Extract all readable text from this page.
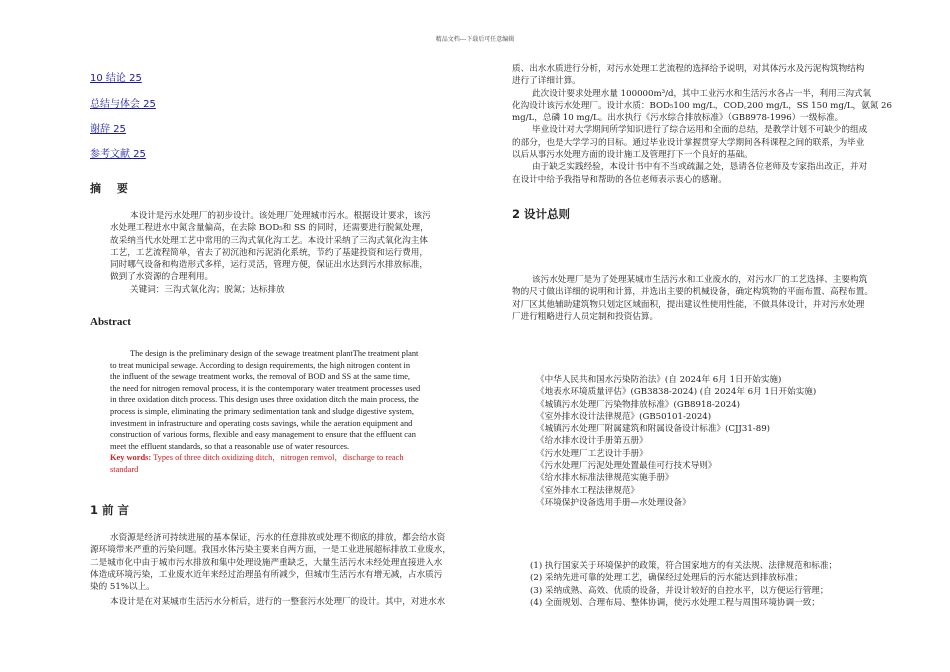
精品文档---下载后可任意编辑
10 结论 25
总结与体会 25
谢辞 25
参考文献 25
摘 要
本设计是污水处理厂的初步设计。该处理厂处理城市污水。根据设计要求，该污
水处理工程进水中氮含量偏高，在去除 BOD₅和 SS 的同时，还需要进行脱氮处理，
故采纳当代水处理工艺中常用的三沟式氧化沟工艺。本设计采纳了三沟式氧化沟主体
工艺，工艺流程简单，省去了初沉池和污泥消化系统，节约了基建投资和运行费用，
同时哪气设备和构造形式多样，运行灵活，管理方便，保证出水达到污水排放标准，
做到了水资源的合理利用。
关键词：三沟式氧化沟；脱氮；达标排放
Abstract
The design is the preliminary design of the sewage treatment plantThe treatment plant
to treat municipal sewage. According to design requirements, the high nitrogen content in
the influent of the sewage treatment works, the removal of BOD and SS at the same time,
the need for nitrogen removal process, it is the contemporary water treatment processes used
in three oxidation ditch process. This design uses three oxidation ditch the main process, the
process is simple, eliminating the primary sedimentation tank and sludge digestive system,
investment in infrastructure and operating costs savings, while the aeration equipment and
construction of various forms, flexible and easy management to ensure that the effluent can
meet the effluent standards, so that a reasonable use of water resources.
Key words: Types of three ditch oxidizing ditch，nitrogen remvol，discharge to reach
standard
1 前 言
水资源是经济可持续进展的基本保证，污水的任意排放或处理不彻底的排放，都会给水资
源环境带来严重的污染问题。我国水体污染主要来自两方面，一是工业进展超标排放工业废水，
二是城市化中由于城市污水排放和集中处理设施严重缺乏，大量生活污水未经处理直接进入水
体造成环境污染，工业废水近年来经过治理虽有所减少，但城市生活污水有增无减，占水质污
染的 51%以上。
本设计是在对某城市生活污水分析后，进行的一整套污水处理厂的设计。其中，对进水水
质、出水水质进行分析，对污水处理工艺流程的选择给予说明，对其体污水及污泥构筑物结构
进行了详细计算。
此次设计要求处理水量 100000m³/d，其中工业污水和生活污水各占一半，利用三沟式氧
化沟设计该污水处理厂。设计水质：BOD₅100 mg/L，COD꜀200 mg/L，SS 150 mg/L，氨氮 26
mg/L，总磷 10 mg/L。出水执行《污水综合排放标准》（GB8978-1996）一级标准。
毕业设计对大学期间所学知识进行了综合运用和全面的总结，是教学计划不可缺少的组成
的部分，也是大学学习的目标。通过毕业设计掌握贯穿大学期间各科课程之间的联系，为毕业
以后从事污水处理方面的设计施工及管理打下一个良好的基础。
由于缺乏实践经验，本设计书中有不当或疏漏之处，恳请各位老师及专家指出改正，并对
在设计中给予我指导和帮助的各位老师表示衷心的感谢。
2 设计总则
该污水处理厂是为了处理某城市生活污水和工业废水的，对污水厂的工艺选择、主要构筑
物的尺寸做出详细的说明和计算，并选出主要的机械设备，确定构筑物的平面布置、高程布置。
对厂区其他辅助建筑物只划定区域面积，提出建议性使用性能，不做具体设计，并对污水处理
厂进行粗略进行人员定制和投资估算。

《中华人民共和国水污染防治法》(自 2024年 6月 1日开始实施)

《地表水环境质量评估》(GB3838-2024) (自 2024年 6月 1日开始实施)

《城镇污水处理厂污染物排放标准》(GB8918-2024)

《室外排水设计法律规范》(GB50101-2024)

《城镇污水处理厂附属建筑和附属设备设计标准》(CJJ31-89)

《给水排水设计手册第五册》

《污水处理厂工艺设计手册》

《污水处理厂污泥处理处置最佳可行技术导则》

《给水排水标准法律规范实施手册》

《室外排水工程法律规范》

《环境保护设备选用手册—水处理设备》

(1) 执行国家关于环境保护的政策，符合国家地方的有关法规、法律规范和标准；
(2) 采纳先进可靠的处理工艺，确保经过处理后的污水能达到排放标准；
(3) 采纳成熟、高效、优质的设备，并设计较好的自控水平，以方便运行管理；
(4) 全面规划、合理布局、整体协调，使污水处理工程与周围环境协调一致；
